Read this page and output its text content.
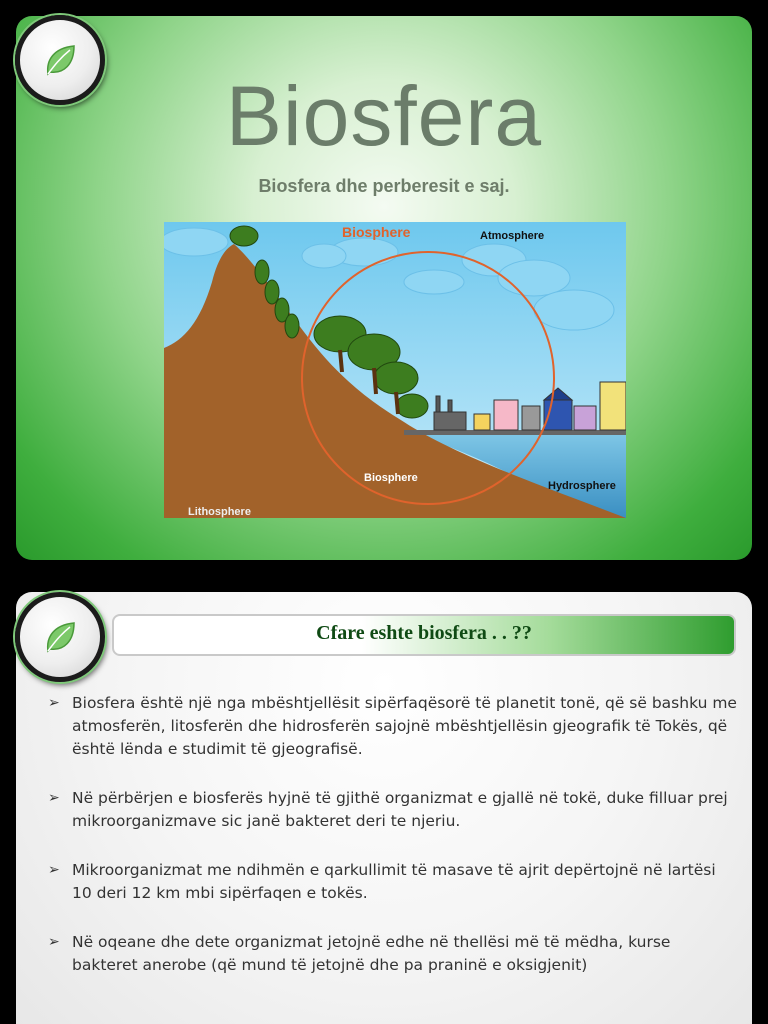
Biosfera
Biosfera dhe perberesit e saj.
Biosphere	Atmosphere
Biosphere
Hydrosphere
Lithosphere
Cfare eshte biosfera . . ??
➢ Biosfera është një nga mbështjellësit sipërfaqësorë të planetit tonë, që së bashku me atmosferën, litosferën dhe hidrosferën sajojnë mbështjellësin gjeografik të Tokës, që është lënda e studimit të gjeografisë.
➢ Në përbërjen e biosferës hyjnë të gjithë organizmat e gjallë në tokë, duke filluar prej mikroorganizmave sic janë bakteret deri te njeriu.
➢ Mikroorganizmat me ndihmën e qarkullimit të masave të ajrit depërtojnë në lartësi 10 deri 12 km mbi sipërfaqen e tokës.
➢ Në oqeane dhe dete organizmat jetojnë edhe në thellësi më të mëdha, kurse bakteret anerobe (që mund të jetojnë dhe pa praninë e oksigjenit)
